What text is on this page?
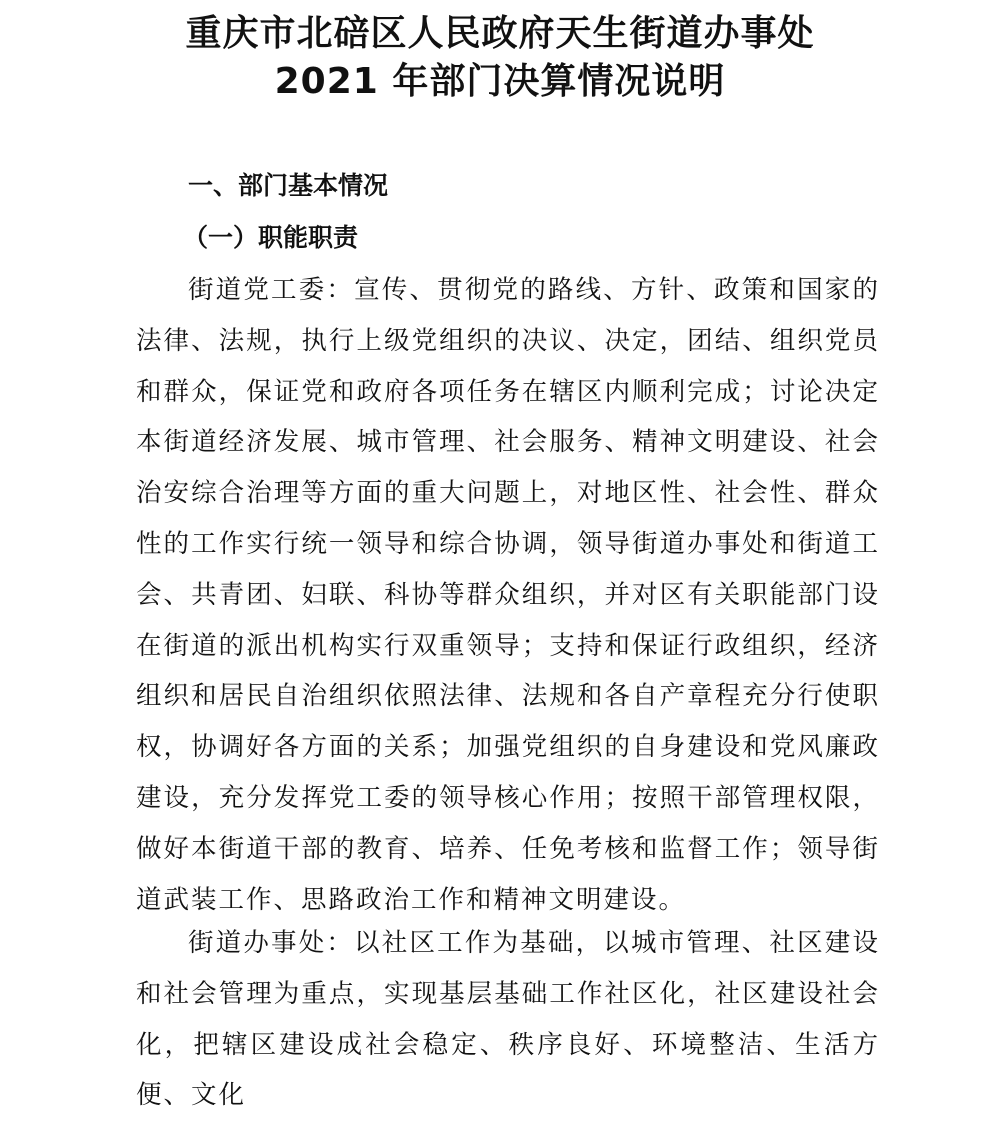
重庆市北碚区人民政府天生街道办事处
2021 年部门决算情况说明
一、部门基本情况
（一）职能职责

街道党工委：宣传、贯彻党的路线、方针、政策和国家的法律、法规，执行上级党组织的决议、决定，团结、组织党员和群众，保证党和政府各项任务在辖区内顺利完成；讨论决定本街道经济发展、城市管理、社会服务、精神文明建设、社会治安综合治理等方面的重大问题上，对地区性、社会性、群众性的工作实行统一领导和综合协调，领导街道办事处和街道工会、共青团、妇联、科协等群众组织，并对区有关职能部门设在街道的派出机构实行双重领导；支持和保证行政组织，经济组织和居民自治组织依照法律、法规和各自产章程充分行使职权，协调好各方面的关系；加强党组织的自身建设和党风廉政建设，充分发挥党工委的领导核心作用；按照干部管理权限，做好本街道干部的教育、培养、任免考核和监督工作；领导街道武装工作、思路政治工作和精神文明建设。

街道办事处：以社区工作为基础，以城市管理、社区建设和社会管理为重点，实现基层基础工作社区化，社区建设社会化，把辖区建设成社会稳定、秩序良好、环境整洁、生活方便、文化
